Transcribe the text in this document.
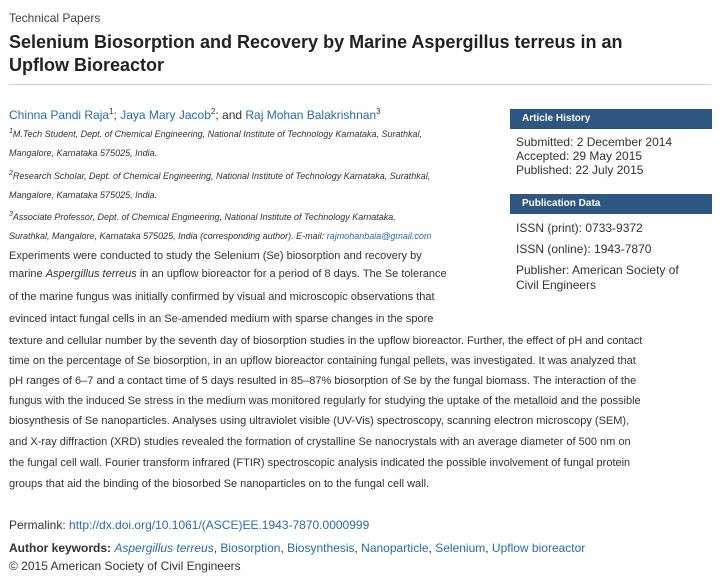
Technical Papers
Selenium Biosorption and Recovery by Marine Aspergillus terreus in an
Upflow Bioreactor
Chinna Pandi Raja$^1$; Jaya Mary Jacob$^2$; and Raj Mohan Balakrishnan$^3$
$^1$M.Tech Student, Dept. of Chemical Engineering, National Institute of Technology Karnataka, Surathkal,
Mangalore, Karnataka 575025, India.
$^2$Research Scholar, Dept. of Chemical Engineering, National Institute of Technology Karnataka, Surathkal,
Mangalore, Karnataka 575025, India.
$^3$Associate Professor, Dept. of Chemical Engineering, National Institute of Technology Karnataka,
Surathkal, Mangalore, Karnataka 575025, India (corresponding author). E-mail: rajmohanbala@gmail.com
Experiments were conducted to study the Selenium (Se) biosorption and recovery by
marine Aspergillus terreus in an upflow bioreactor for a period of 8 days. The Se tolerance
of the marine fungus was initially confirmed by visual and microscopic observations that
evinced intact fungal cells in an Se-amended medium with sparse changes in the spore
texture and cellular number by the seventh day of biosorption studies in the upflow bioreactor. Further, the effect of pH and contact
time on the percentage of Se biosorption, in an upflow bioreactor containing fungal pellets, was investigated. It was analyzed that
pH ranges of 6–7 and a contact time of 5 days resulted in 85–87% biosorption of Se by the fungal biomass. The interaction of the
fungus with the induced Se stress in the medium was monitored regularly for studying the uptake of the metalloid and the possible
biosynthesis of Se nanoparticles. Analyses using ultraviolet visible (UV-Vis) spectroscopy, scanning electron microscopy (SEM),
and X-ray diffraction (XRD) studies revealed the formation of crystalline Se nanocrystals with an average diameter of 500 nm on
the fungal cell wall. Fourier transform infrared (FTIR) spectroscopic analysis indicated the possible involvement of fungal protein
groups that aid the binding of the biosorbed Se nanoparticles on to the fungal cell wall.
Article History
Submitted: 2 December 2014
Accepted: 29 May 2015
Published: 22 July 2015
Publication Data
ISSN (print): 0733-9372
ISSN (online): 1943-7870
Publisher: American Society of
Civil Engineers
Permalink: http://dx.doi.org/10.1061/(ASCE)EE.1943-7870.0000999
Author keywords: Aspergillus terreus, Biosorption, Biosynthesis, Nanoparticle, Selenium, Upflow bioreactor
© 2015 American Society of Civil Engineers
